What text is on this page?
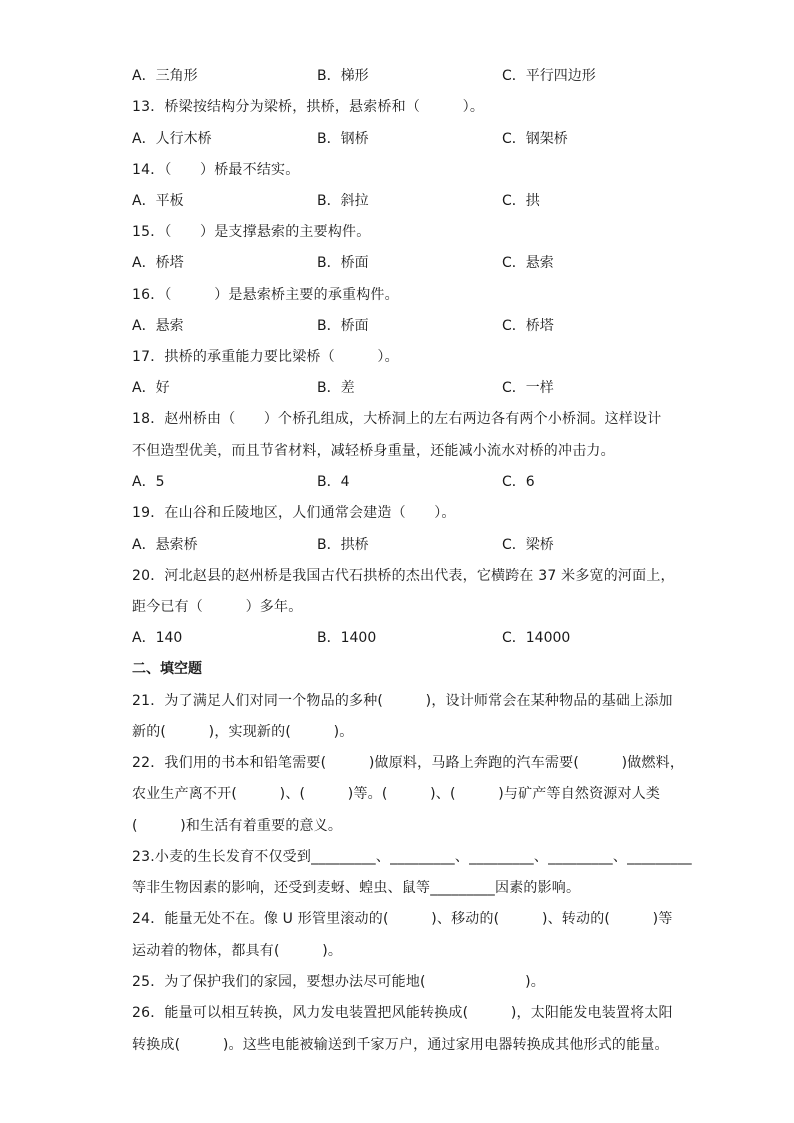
A．三角形	B．梯形	C．平行四边形
13．桥梁按结构分为梁桥，拱桥，悬索桥和（　　　）。
A．人行木桥	B．钢桥	C．钢架桥
14．（　　）桥最不结实。
A．平板	B．斜拉	C．拱
15．（　　）是支撑悬索的主要构件。
A．桥塔	B．桥面	C．悬索
16．（　　　）是悬索桥主要的承重构件。
A．悬索	B．桥面	C．桥塔
17．拱桥的承重能力要比梁桥（　　　）。
A．好	B．差	C．一样
18．赵州桥由（　　）个桥孔组成，大桥洞上的左右两边各有两个小桥洞。这样设计
不但造型优美，而且节省材料，减轻桥身重量，还能减小流水对桥的冲击力。
A．5	B．4	C．6
19．在山谷和丘陵地区，人们通常会建造（　　）。
A．悬索桥	B．拱桥	C．梁桥
20．河北赵县的赵州桥是我国古代石拱桥的杰出代表，它横跨在 37 米多宽的河面上，
距今已有（　　　）多年。
A．140	B．1400	C．14000
二、填空题
21．为了满足人们对同一个物品的多种(　　　)，设计师常会在某种物品的基础上添加
新的(　　　)，实现新的(　　　)。
22．我们用的书本和铅笔需要(　　　)做原料，马路上奔跑的汽车需要(　　　)做燃料，
农业生产离不开(　　　)、(　　　)等。(　　　)、(　　　)与矿产等自然资源对人类
(　　　)和生活有着重要的意义。
23.小麦的生长发育不仅受到_________、_________、_________、_________、_________
等非生物因素的影响，还受到麦蚜、蝗虫、鼠等_________因素的影响。
24．能量无处不在。像 U 形管里滚动的(　　　)、移动的(　　　)、转动的(　　　)等
运动着的物体，都具有(　　　)。
25．为了保护我们的家园，要想办法尽可能地(　　　　　　　)。
26．能量可以相互转换，风力发电装置把风能转换成(　　　)，太阳能发电装置将太阳
转换成(　　　)。这些电能被输送到千家万户，通过家用电器转换成其他形式的能量。
